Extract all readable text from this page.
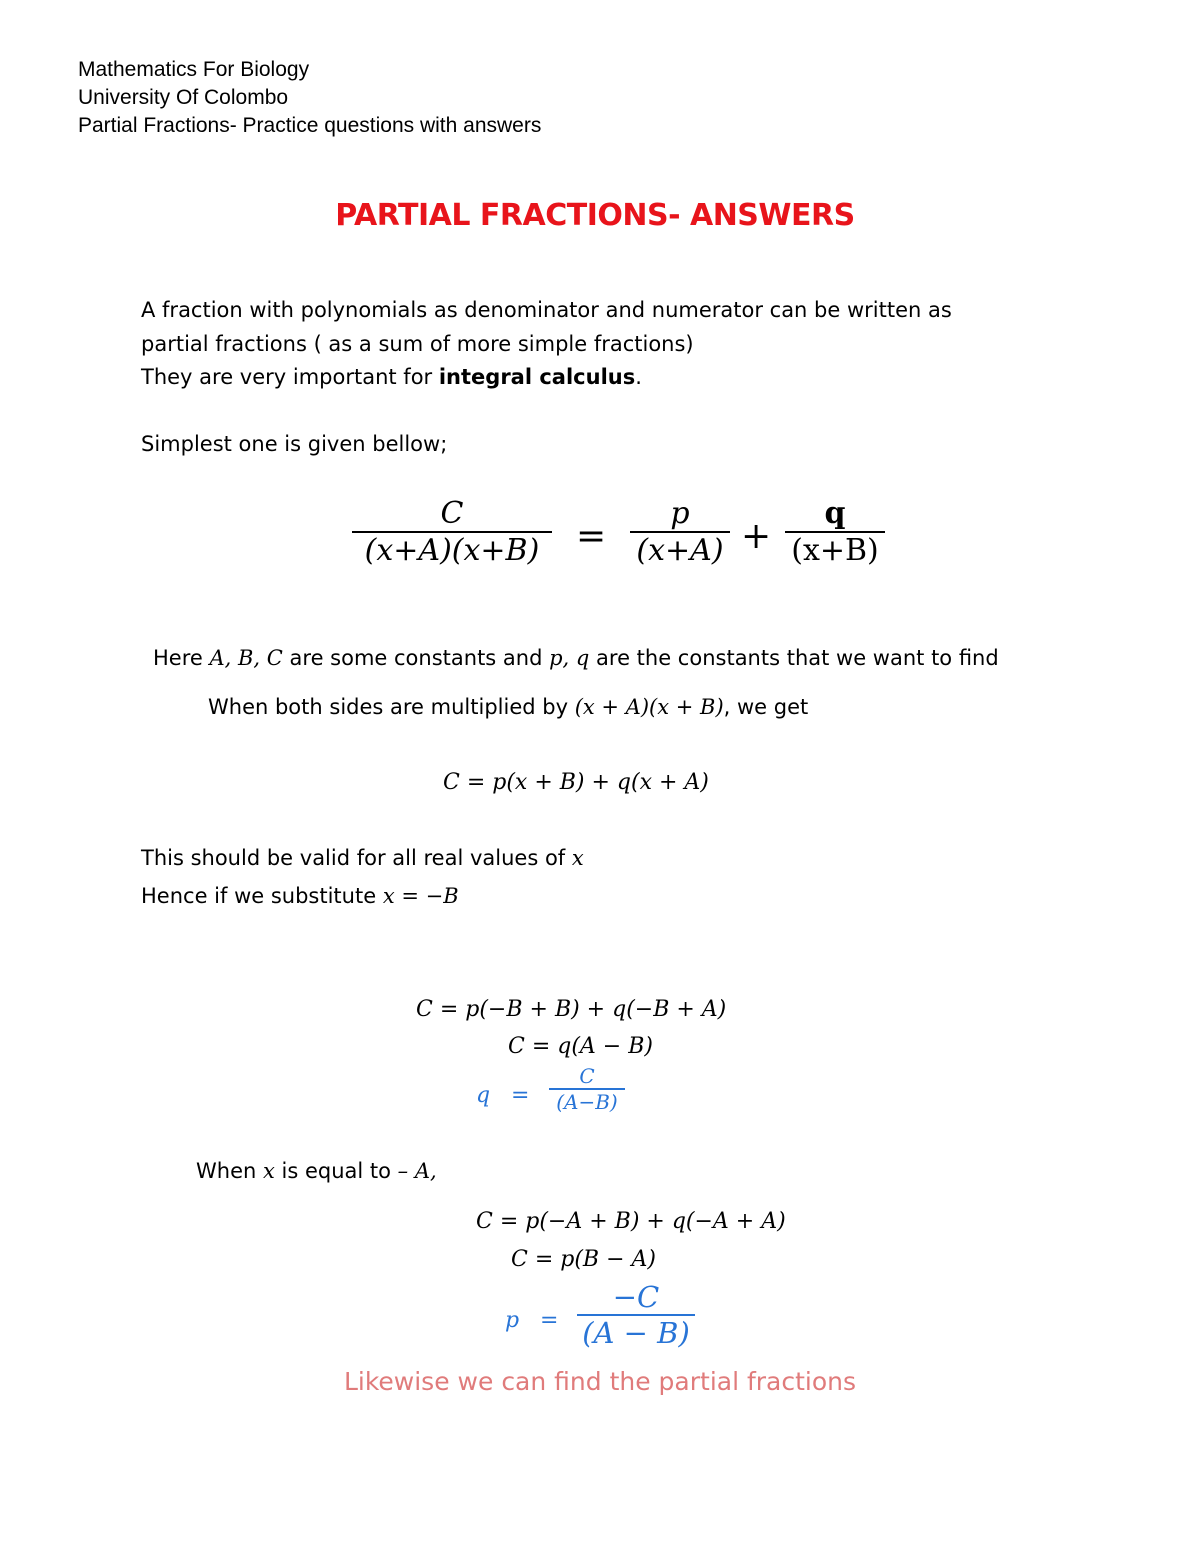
Mathematics For Biology
University Of Colombo
Partial Fractions- Practice questions with answers
PARTIAL FRACTIONS- ANSWERS
A fraction with polynomials as denominator and numerator can be written as
partial fractions ( as a sum of more simple fractions)
They are very important for integral calculus.
Simplest one is given bellow;
C
(x+A)(x+B) =
p
(x+A) +
q
(x+B)
Here A, B, C are some constants and p, q are the constants that we want to find
When both sides are multiplied by (x + A)(x + B), we get
C = p(x + B) + q(x + A)
This should be valid for all real values of x
Hence if we substitute x = −B
C = p(−B + B) + q(−B + A)
C = q(A − B)
q =
C
(A−B)
When x is equal to – A,
C = p(−A + B) + q(−A + A)
C = p(B − A)
p =
−C
(A − B)
Likewise we can find the partial fractions
